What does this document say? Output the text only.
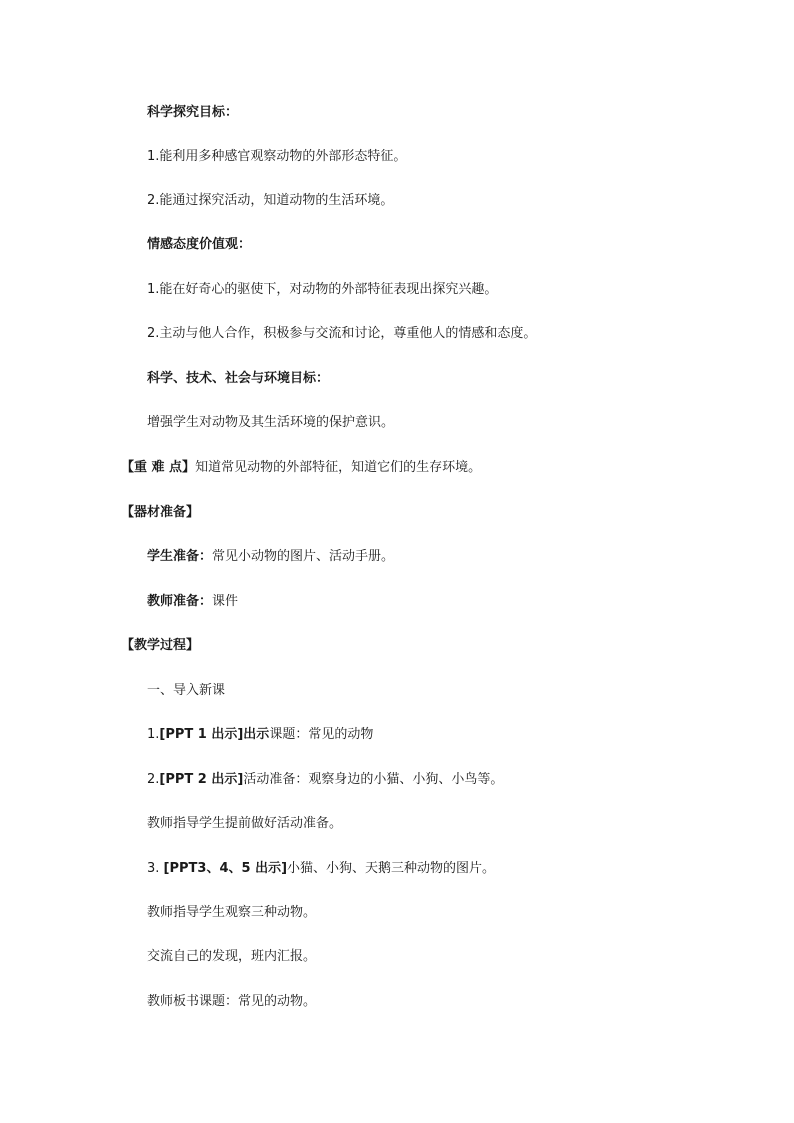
科学探究目标：
1.能利用多种感官观察动物的外部形态特征。
2.能通过探究活动，知道动物的生活环境。
情感态度价值观：
1.能在好奇心的驱使下，对动物的外部特征表现出探究兴趣。
2.主动与他人合作，积极参与交流和讨论，尊重他人的情感和态度。
科学、技术、社会与环境目标：
增强学生对动物及其生活环境的保护意识。
【重 难 点】知道常见动物的外部特征，知道它们的生存环境。
【器材准备】
学生准备：常见小动物的图片、活动手册。
教师准备：课件
【教学过程】
一、导入新课
1.[PPT 1 出示]出示课题：常见的动物
2.[PPT 2 出示]活动准备：观察身边的小猫、小狗、小鸟等。
教师指导学生提前做好活动准备。
3. [PPT3、4、5 出示]小猫、小狗、天鹅三种动物的图片。
教师指导学生观察三种动物。
交流自己的发现，班内汇报。
教师板书课题：常见的动物。
